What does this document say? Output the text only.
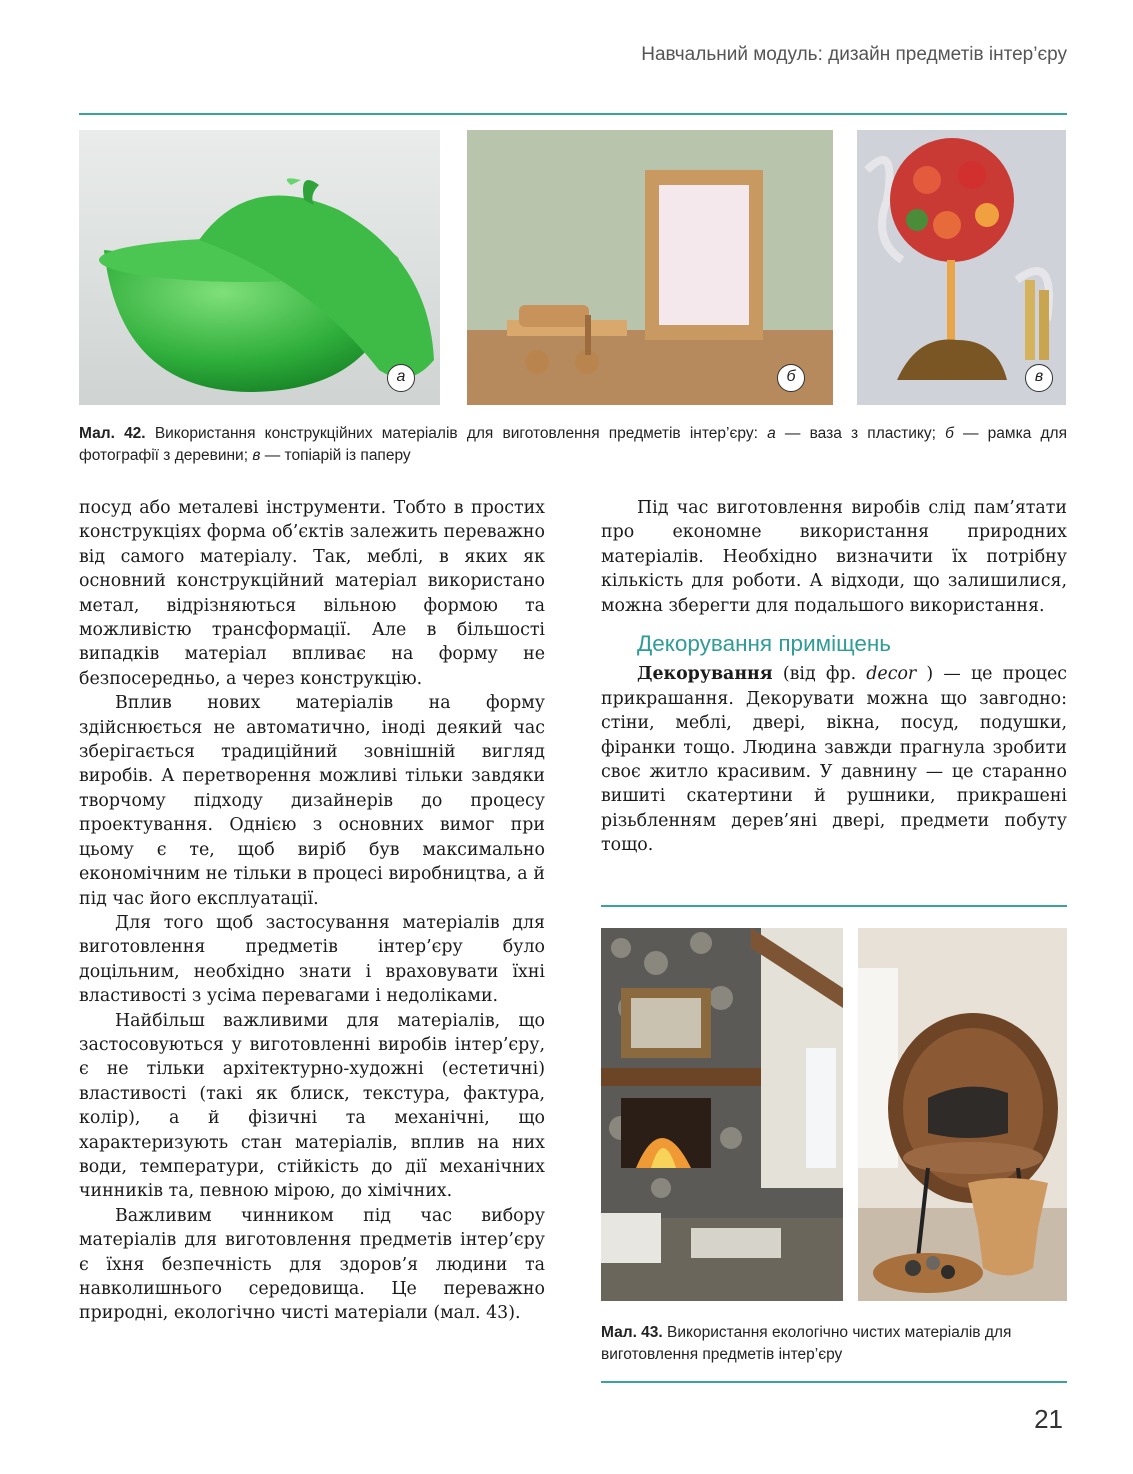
Навчальний модуль: дизайн предметів інтер’єру
а	б	в
Мал. 42. Використання конструкційних матеріалів для виготовлення предметів інтер’єру: а — ваза з пластику; б — рамка для фотографії з деревини; в — топіарій із паперу

посуд або металеві інструменти. Тобто в простих конструкціях форма об’єктів залежить переважно від самого матеріалу. Так, меблі, в яких як основний конструкційний матеріал використано метал, відрізняються вільною формою та можливістю трансформації. Але в більшості випадків матеріал впливає на форму не безпосередньо, а через конструкцію.

Вплив нових матеріалів на форму здійснюється не автоматично, іноді деякий час зберігається традиційний зовнішній вигляд виробів. А перетворення можливі тільки завдяки творчому підходу дизайнерів до процесу проектування. Однією з основних вимог при цьому є те, щоб виріб був максимально економічним не тільки в процесі виробництва, а й під час його експлуатації.

Для того щоб застосування матеріалів для виготовлення предметів інтер’єру було доцільним, необхідно знати і враховувати їхні властивості з усіма перевагами і недоліками.

Найбільш важливими для матеріалів, що застосовуються у виготовленні виробів інтер’єру, є не тільки архітектурно-художні (естетичні) властивості (такі як блиск, текстура, фактура, колір), а й фізичні та механічні, що характеризують стан матеріалів, вплив на них води, температури, стійкість до дії механічних чинників та, певною мірою, до хімічних.

Важливим чинником під час вибору матеріалів для виготовлення предметів інтер’єру є їхня безпечність для здоров’я людини та навколишнього середовища. Це переважно природні, екологічно чисті матеріали (мал. 43).

Під час виготовлення виробів слід пам’ятати про економне використання природних матеріалів. Необхідно визначити їх потрібну кількість для роботи. А відходи, що залишилися, можна зберегти для подальшого використання.

Декорування приміщень

Декорування (від фр. decor ) — це процес прикрашання. Декорувати можна що завгодно: стіни, меблі, двері, вікна, посуд, подушки, фіранки тощо. Людина завжди прагнула зробити своє житло красивим. У давнину — це старанно вишиті скатертини й рушники, прикрашені різьбленням дерев’яні двері, предмети побуту тощо.

Мал. 43. Використання екологічно чистих матеріалів для виготовлення предметів інтер’єру
21
